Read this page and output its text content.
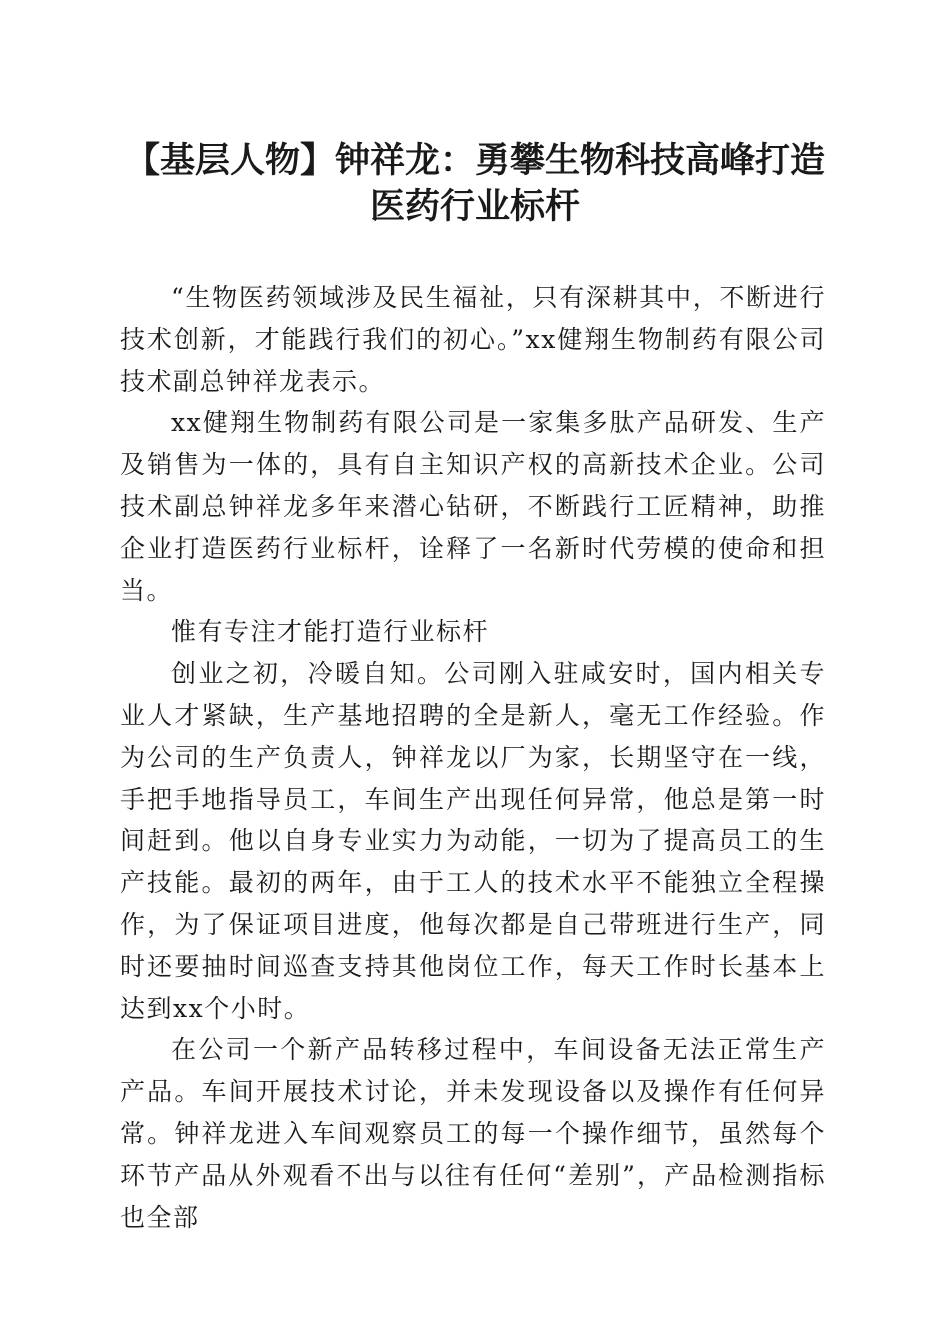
【基层人物】钟祥龙：勇攀生物科技高峰打造
医药行业标杆

“生物医药领域涉及民生福祉，只有深耕其中，不断进行技术创新，才能践行我们的初心。”xx健翔生物制药有限公司技术副总钟祥龙表示。

xx健翔生物制药有限公司是一家集多肽产品研发、生产及销售为一体的，具有自主知识产权的高新技术企业。公司技术副总钟祥龙多年来潜心钻研，不断践行工匠精神，助推企业打造医药行业标杆，诠释了一名新时代劳模的使命和担当。

惟有专注才能打造行业标杆

创业之初，冷暖自知。公司刚入驻咸安时，国内相关专业人才紧缺，生产基地招聘的全是新人，毫无工作经验。作为公司的生产负责人，钟祥龙以厂为家，长期坚守在一线，手把手地指导员工，车间生产出现任何异常，他总是第一时间赶到。他以自身专业实力为动能，一切为了提高员工的生产技能。最初的两年，由于工人的技术水平不能独立全程操作，为了保证项目进度，他每次都是自己带班进行生产，同时还要抽时间巡查支持其他岗位工作，每天工作时长基本上达到xx个小时。

在公司一个新产品转移过程中，车间设备无法正常生产产品。车间开展技术讨论，并未发现设备以及操作有任何异常。钟祥龙进入车间观察员工的每一个操作细节，虽然每个环节产品从外观看不出与以往有任何“差别”，产品检测指标也全部
